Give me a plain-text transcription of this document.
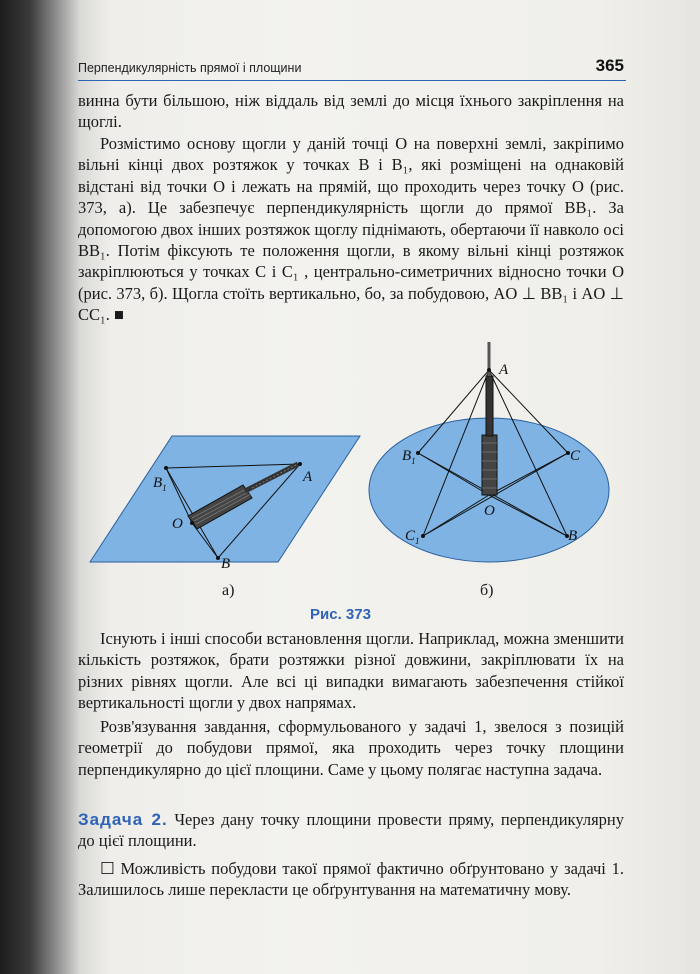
Перпендикулярність прямої і площини	365

винна бути більшою, ніж віддаль від землі до місця їхнього закріплення на щоглі.

Розмістимо основу щогли у даній точці O на поверхні землі, закріпимо вільні кінці двох розтяжок у точках B і B₁, які розміщені на однаковій відстані від точки O і лежать на прямій, що проходить через точку O (рис. 373, а). Це забезпечує перпендикулярність щогли до прямої BB₁. За допомогою двох інших розтяжок щоглу піднімають, обертаючи її навколо осі BB₁. Потім фіксують те положення щогли, в якому вільні кінці розтяжок закріплюються у точках C і C₁ , центрально-симетричних відносно точки O (рис. 373, б). Щогла стоїть вертикально, бо, за побудовою, AO ⊥ BB₁ і AO ⊥ CC₁. ■

$B_1$
A
O
B
A
$B_1$	C
O
$C_1$	B
а)	б)
Рис. 373

Існують і інші способи встановлення щогли. Наприклад, можна зменшити кількість розтяжок, брати розтяжки різної довжини, закріплювати їх на різних рівнях щогли. Але всі ці випадки вимагають забезпечення стійкої вертикальності щогли у двох напрямах.

Розв'язування завдання, сформульованого у задачі 1, звелося з позицій геометрії до побудови прямої, яка проходить через точку площини перпендикулярно до цієї площини. Саме у цьому полягає наступна задача.

Задача 2. Через дану точку площини провести пряму, перпендикулярну до цієї площини.

☐ Можливість побудови такої прямої фактично обґрунтовано у задачі 1. Залишилось лише перекласти це обґрунтування на математичну мову.
